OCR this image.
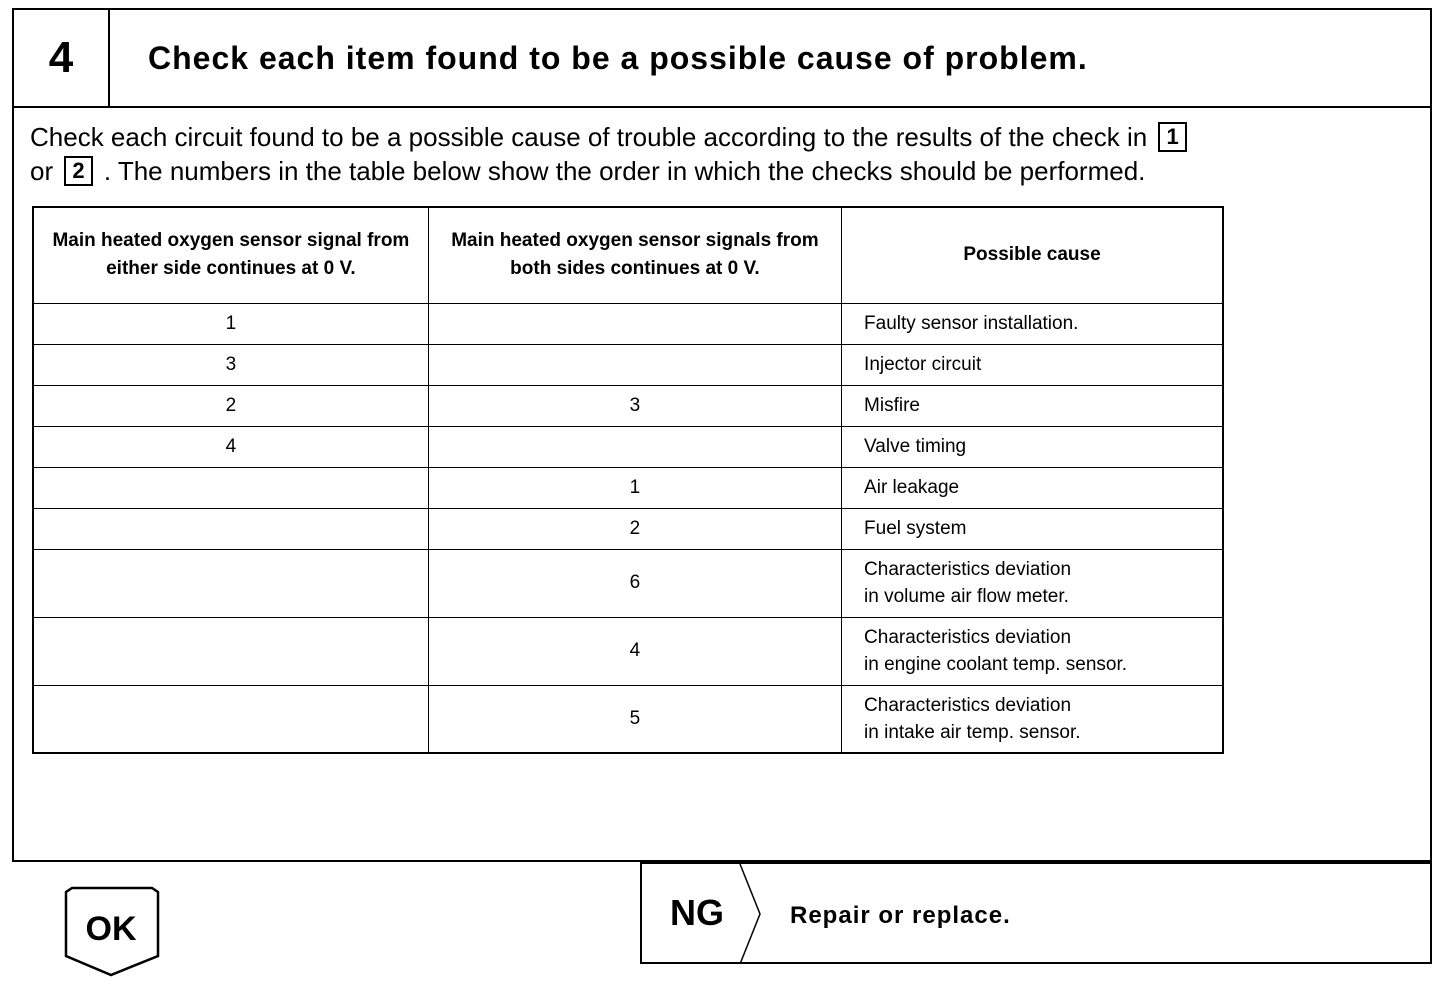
4	Check each item found to be a possible cause of problem.
Check each circuit found to be a possible cause of trouble according to the results of the check in 1
or 2 . The numbers in the table below show the order in which the checks should be performed.
Main heated oxygen sensor signal from either side continues at 0 V.	Main heated oxygen sensor signals from both sides continues at 0 V.	Possible cause
1		Faulty sensor installation.
3		Injector circuit
2	3	Misfire
4		Valve timing
	1	Air leakage
	2	Fuel system
	6	Characteristics deviation
in volume air flow meter.

	4	Characteristics deviation
in engine coolant temp. sensor.

	5	Characteristics deviation
in intake air temp. sensor.
OK	NG	Repair or replace.
